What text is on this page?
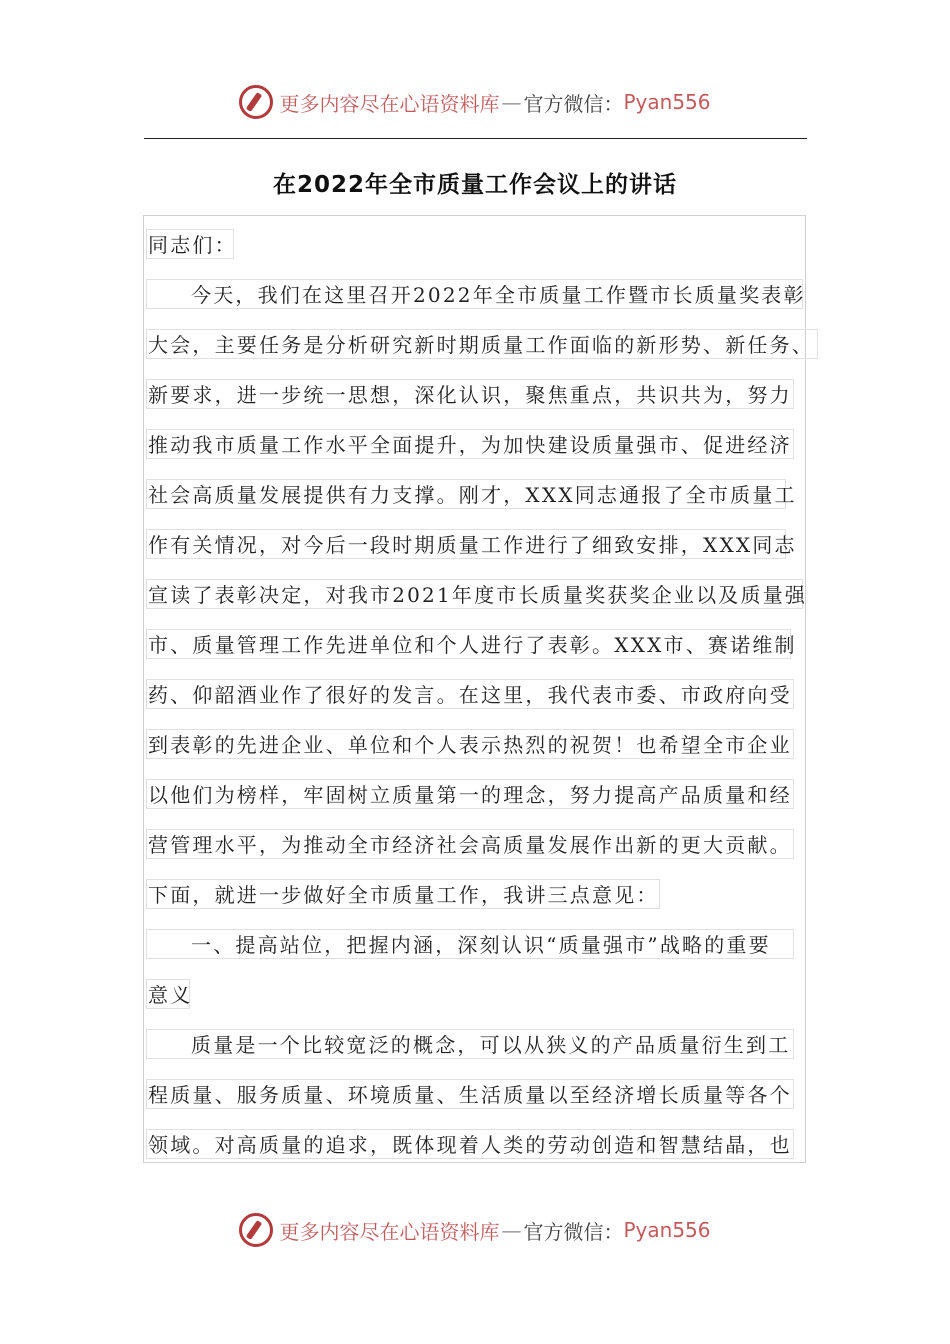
更多内容尽在心语资料库 — 官方微信： Pyan556
在2022年全市质量工作会议上的讲话
同志们：
今天，我们在这里召开2022年全市质量工作暨市长质量奖表彰
大会，主要任务是分析研究新时期质量工作面临的新形势、新任务、
新要求，进一步统一思想，深化认识，聚焦重点，共识共为，努力
推动我市质量工作水平全面提升，为加快建设质量强市、促进经济
社会高质量发展提供有力支撑。刚才，XXX同志通报了全市质量工
作有关情况，对今后一段时期质量工作进行了细致安排，XXX同志
宣读了表彰决定，对我市2021年度市长质量奖获奖企业以及质量强
市、质量管理工作先进单位和个人进行了表彰。XXX市、赛诺维制
药、仰韶酒业作了很好的发言。在这里，我代表市委、市政府向受
到表彰的先进企业、单位和个人表示热烈的祝贺！也希望全市企业
以他们为榜样，牢固树立质量第一的理念，努力提高产品质量和经
营管理水平，为推动全市经济社会高质量发展作出新的更大贡献。
下面，就进一步做好全市质量工作，我讲三点意见：
一、提高站位，把握内涵，深刻认识“质量强市”战略的重要
意义
质量是一个比较宽泛的概念，可以从狭义的产品质量衍生到工
程质量、服务质量、环境质量、生活质量以至经济增长质量等各个
领域。对高质量的追求，既体现着人类的劳动创造和智慧结晶，也
更多内容尽在心语资料库 — 官方微信： Pyan556
